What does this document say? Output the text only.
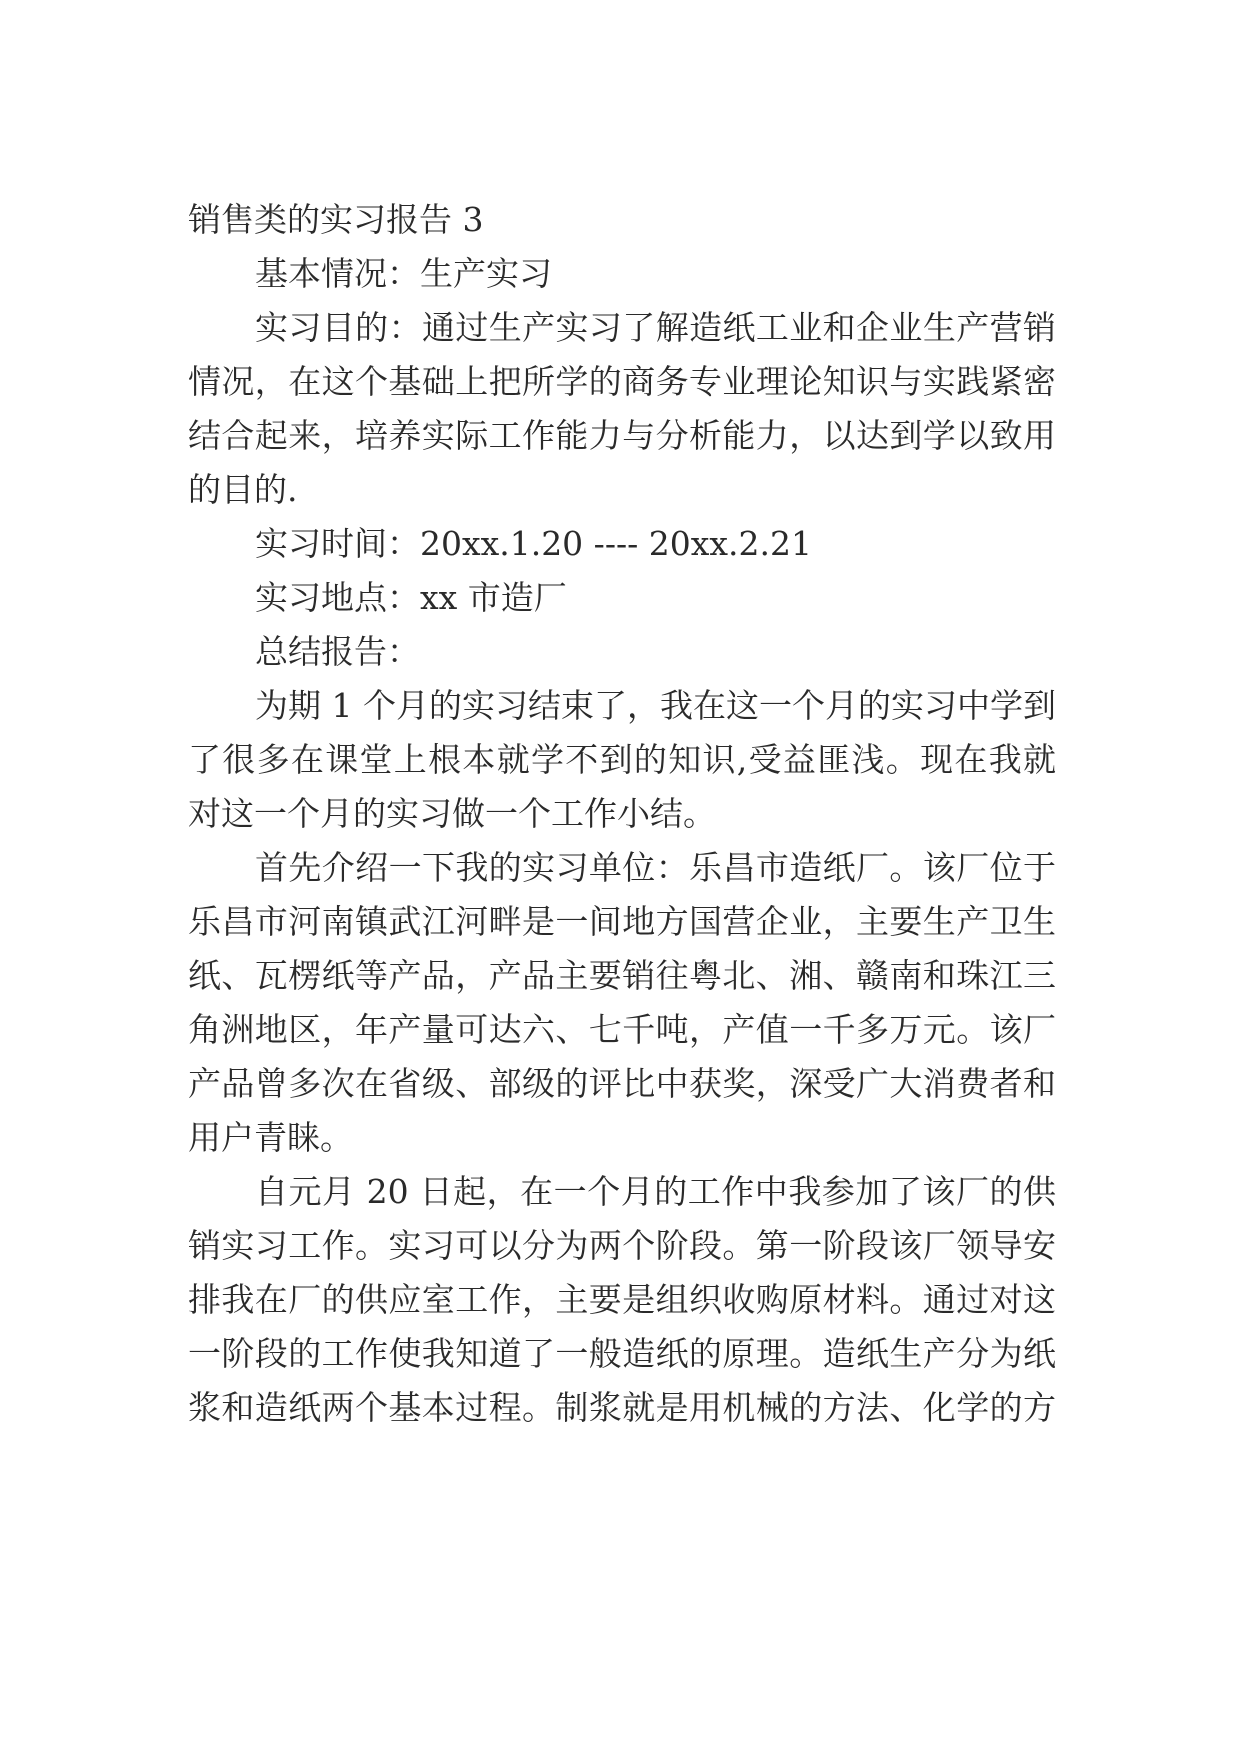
销售类的实习报告 3

基本情况：生产实习

实习目的：通过生产实习了解造纸工业和企业生产营销

情况，在这个基础上把所学的商务专业理论知识与实践紧密

结合起来，培养实际工作能力与分析能力，以达到学以致用

的目的.

实习时间：20xx.1.20 ---- 20xx.2.21

实习地点：xx 市造厂

总结报告：

为期 1 个月的实习结束了，我在这一个月的实习中学到

了很多在课堂上根本就学不到的知识,受益匪浅。现在我就

对这一个月的实习做一个工作小结。

首先介绍一下我的实习单位：乐昌市造纸厂。该厂位于

乐昌市河南镇武江河畔是一间地方国营企业，主要生产卫生

纸、瓦楞纸等产品，产品主要销往粤北、湘、赣南和珠江三

角洲地区，年产量可达六、七千吨，产值一千多万元。该厂

产品曾多次在省级、部级的评比中获奖，深受广大消费者和

用户青睐。

自元月 20 日起，在一个月的工作中我参加了该厂的供

销实习工作。实习可以分为两个阶段。第一阶段该厂领导安

排我在厂的供应室工作，主要是组织收购原材料。通过对这

一阶段的工作使我知道了一般造纸的原理。造纸生产分为纸

浆和造纸两个基本过程。制浆就是用机械的方法、化学的方
